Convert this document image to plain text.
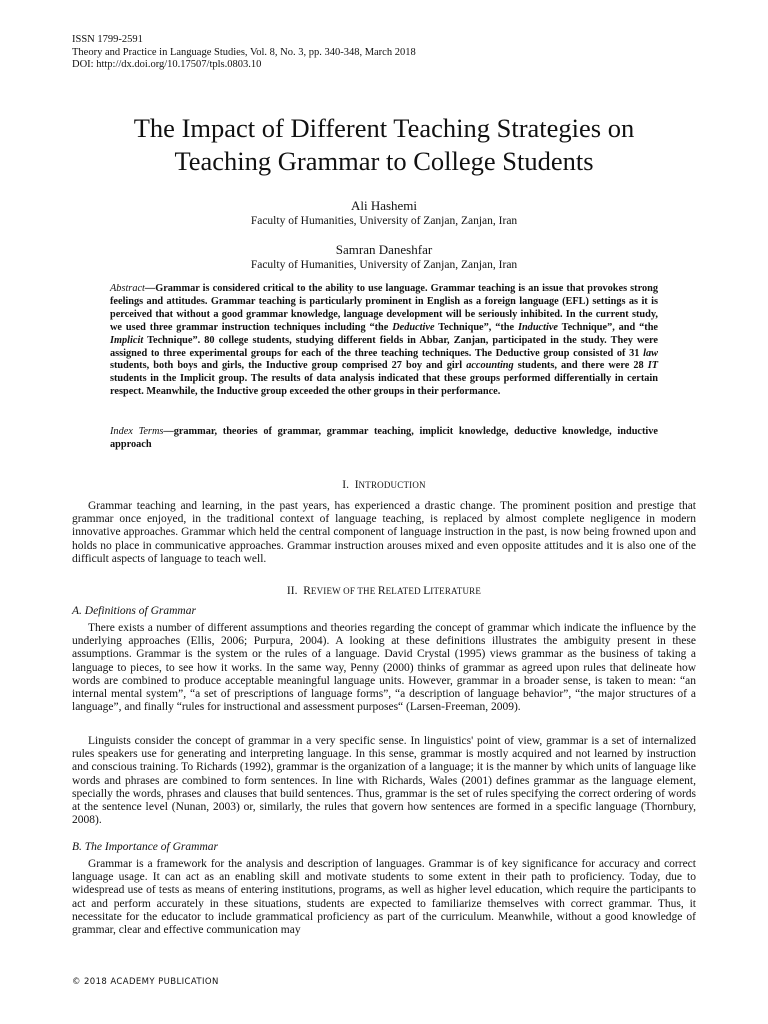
ISSN 1799-2591
Theory and Practice in Language Studies, Vol. 8, No. 3, pp. 340-348, March 2018
DOI: http://dx.doi.org/10.17507/tpls.0803.10
The Impact of Different Teaching Strategies on
Teaching Grammar to College Students
Ali Hashemi
Faculty of Humanities, University of Zanjan, Zanjan, Iran
Samran Daneshfar
Faculty of Humanities, University of Zanjan, Zanjan, Iran
Abstract—Grammar is considered critical to the ability to use language. Grammar teaching is an issue that provokes strong feelings and attitudes. Grammar teaching is particularly prominent in English as a foreign language (EFL) settings as it is perceived that without a good grammar knowledge, language development will be seriously inhibited. In the current study, we used three grammar instruction techniques including “the Deductive Technique”, “the Inductive Technique”, and “the Implicit Technique”. 80 college students, studying different fields in Abbar, Zanjan, participated in the study. They were assigned to three experimental groups for each of the three teaching techniques. The Deductive group consisted of 31 law students, both boys and girls, the Inductive group comprised 27 boy and girl accounting students, and there were 28 IT students in the Implicit group. The results of data analysis indicated that these groups performed differentially in certain respect. Meanwhile, the Inductive group exceeded the other groups in their performance.
Index Terms—grammar, theories of grammar, grammar teaching, implicit knowledge, deductive knowledge, inductive approach
I. INTRODUCTION
Grammar teaching and learning, in the past years, has experienced a drastic change. The prominent position and prestige that grammar once enjoyed, in the traditional context of language teaching, is replaced by almost complete negligence in modern innovative approaches. Grammar which held the central component of language instruction in the past, is now being frowned upon and holds no place in communicative approaches. Grammar instruction arouses mixed and even opposite attitudes and it is also one of the difficult aspects of language to teach well.
II. REVIEW OF THE RELATED LITERATURE
A. Definitions of Grammar
There exists a number of different assumptions and theories regarding the concept of grammar which indicate the influence by the underlying approaches (Ellis, 2006; Purpura, 2004). A looking at these definitions illustrates the ambiguity present in these assumptions. Grammar is the system or the rules of a language. David Crystal (1995) views grammar as the business of taking a language to pieces, to see how it works. In the same way, Penny (2000) thinks of grammar as agreed upon rules that delineate how words are combined to produce acceptable meaningful language units. However, grammar in a broader sense, is taken to mean: “an internal mental system”, “a set of prescriptions of language forms”, “a description of language behavior”, “the major structures of a language”, and finally “rules for instructional and assessment purposes“ (Larsen-Freeman, 2009).
Linguists consider the concept of grammar in a very specific sense. In linguistics' point of view, grammar is a set of internalized rules speakers use for generating and interpreting language. In this sense, grammar is mostly acquired and not learned by instruction and conscious training. To Richards (1992), grammar is the organization of a language; it is the manner by which units of language like words and phrases are combined to form sentences. In line with Richards, Wales (2001) defines grammar as the language element, specially the words, phrases and clauses that build sentences. Thus, grammar is the set of rules specifying the correct ordering of words at the sentence level (Nunan, 2003) or, similarly, the rules that govern how sentences are formed in a specific language (Thornbury, 2008).
B. The Importance of Grammar
Grammar is a framework for the analysis and description of languages. Grammar is of key significance for accuracy and correct language usage. It can act as an enabling skill and motivate students to some extent in their path to proficiency. Today, due to widespread use of tests as means of entering institutions, programs, as well as higher level education, which require the participants to act and perform accurately in these situations, students are expected to familiarize themselves with correct grammar. Thus, it necessitate for the educator to include grammatical proficiency as part of the curriculum. Meanwhile, without a good knowledge of grammar, clear and effective communication may
© 2018 ACADEMY PUBLICATION
